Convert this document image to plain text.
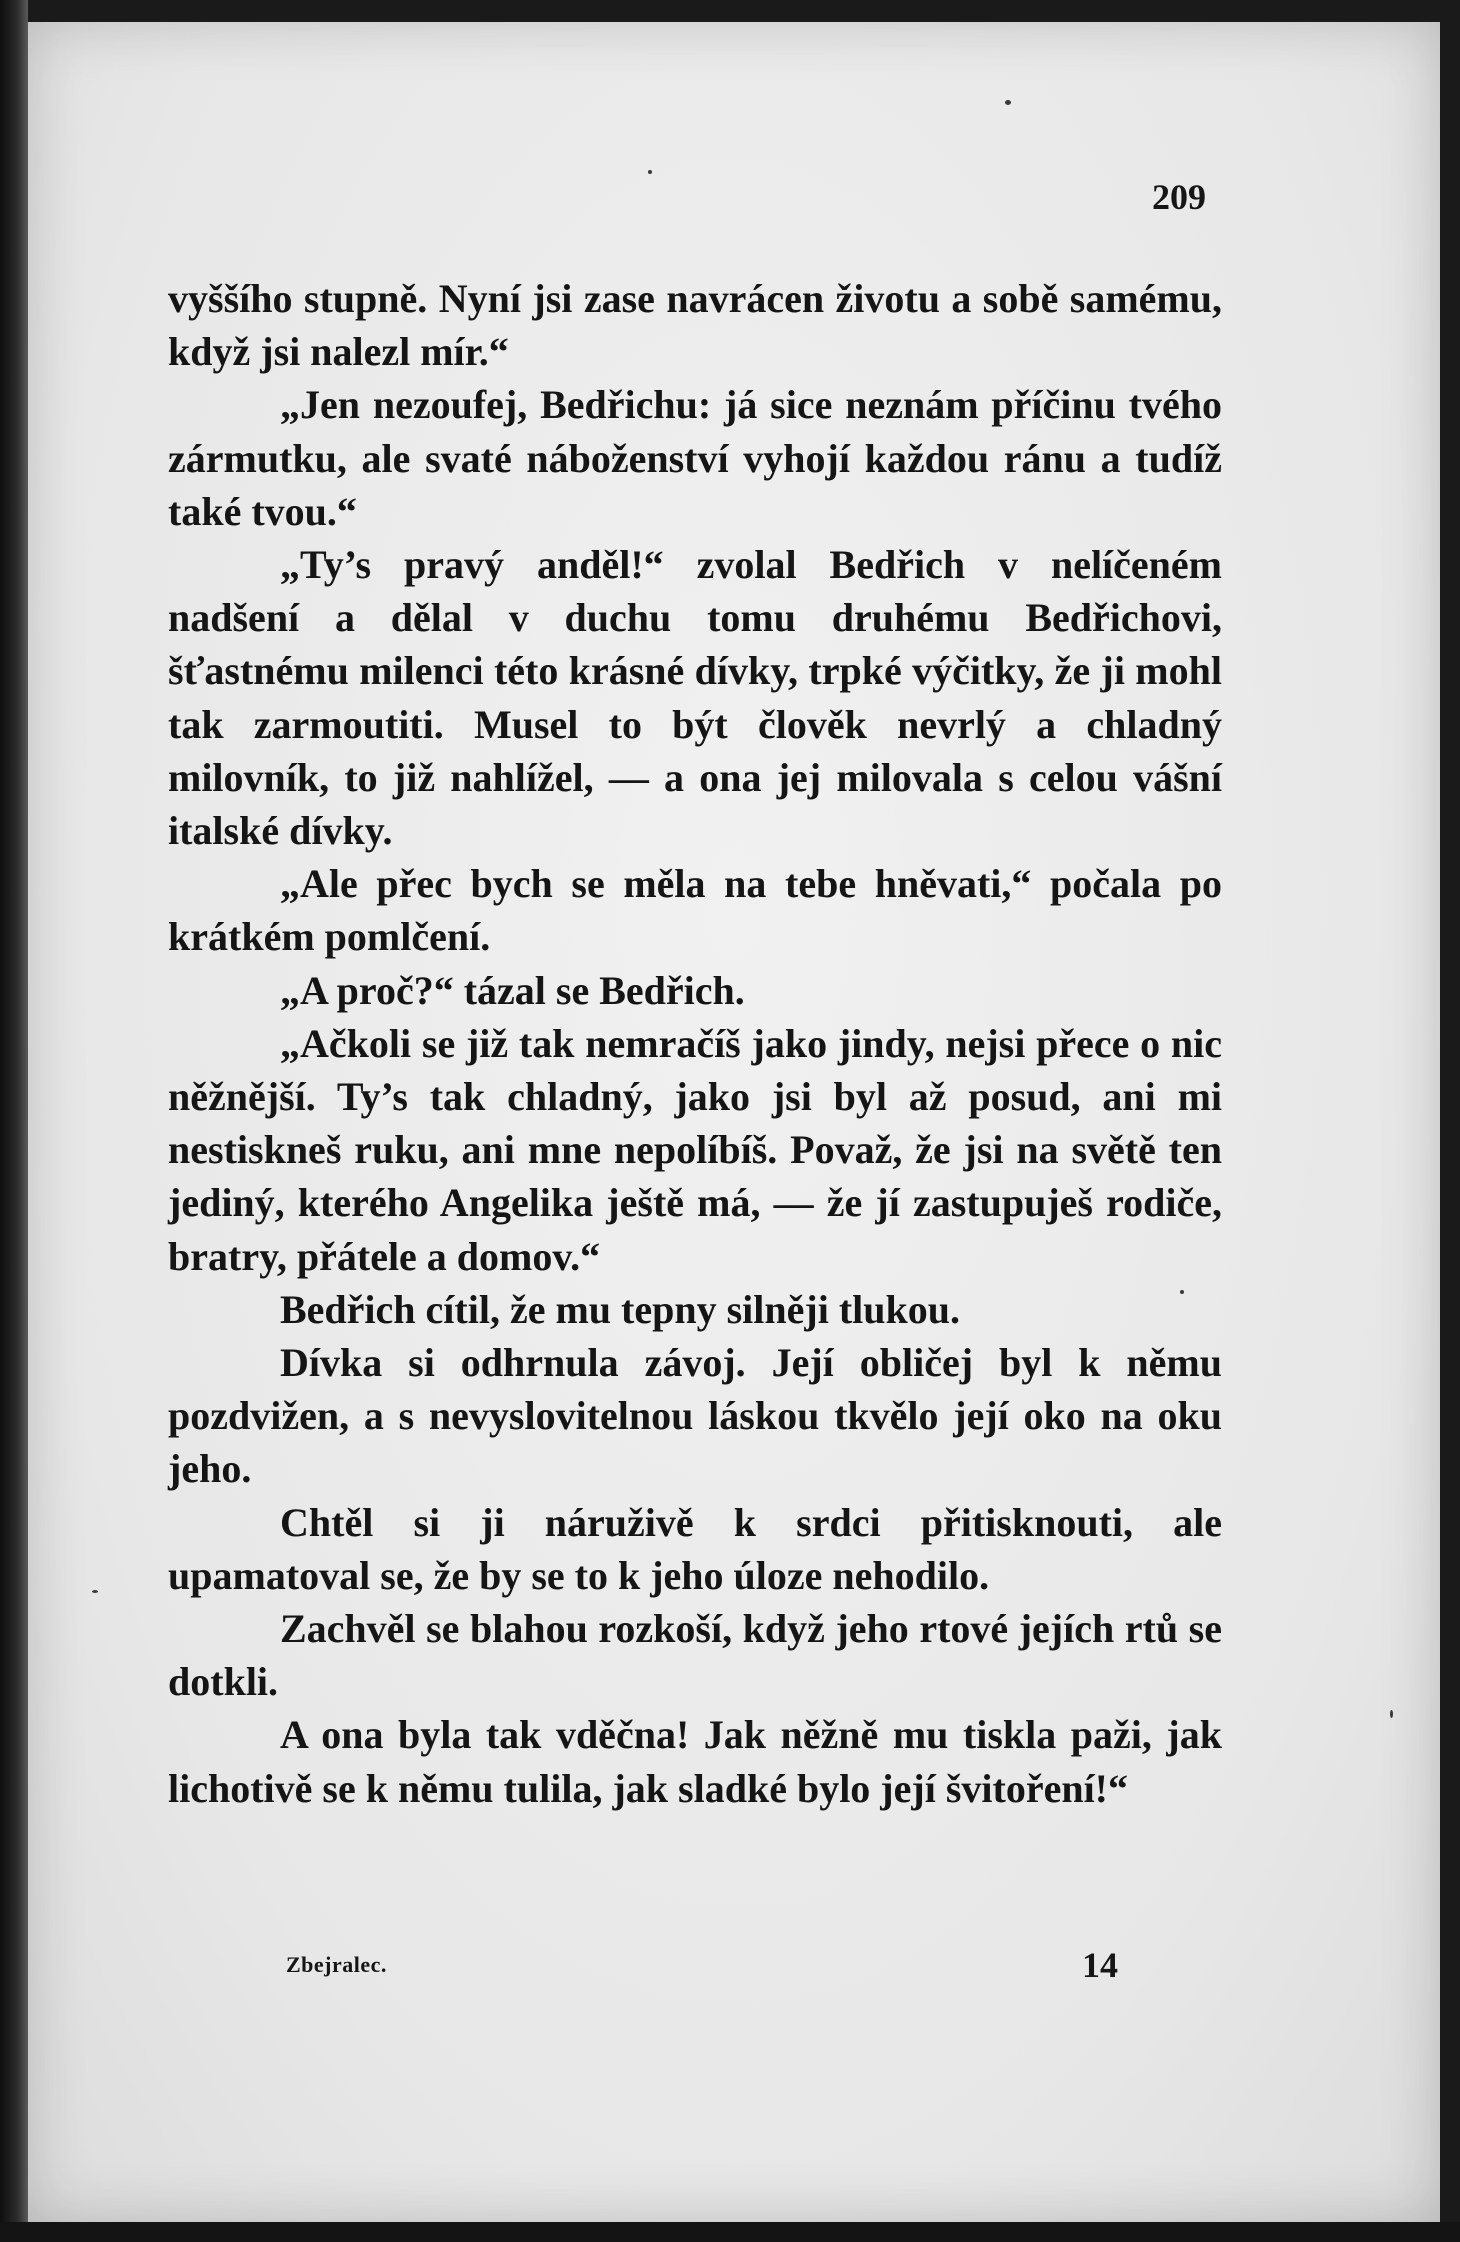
209

vyššího stupně. Nyní jsi zase navrácen životu a sobě samému, když jsi nalezl mír.“

„Jen nezoufej, Bedřichu: já sice neznám příčinu tvého zármutku, ale svaté náboženství vyhojí každou ránu a tudíž také tvou.“

„Ty’s pravý anděl!“ zvolal Bedřich v nelíčeném nadšení a dělal v duchu tomu druhému Bedřichovi, šťastnému milenci této krásné dívky, trpké výčitky, že ji mohl tak zarmoutiti. Musel to být člověk nevrlý a chladný milovník, to již nahlížel, — a ona jej milovala s celou vášní italské dívky.

„Ale přec bych se měla na tebe hněvati,“ počala po krátkém pomlčení.

„A proč?“ tázal se Bedřich.

„Ačkoli se již tak nemračíš jako jindy, nejsi přece o nic něžnější. Ty’s tak chladný, jako jsi byl až posud, ani mi nestiskneš ruku, ani mne nepolíbíš. Považ, že jsi na světě ten jediný, kterého Angelika ještě má, — že jí zastupuješ rodiče, bratry, přátele a domov.“

Bedřich cítil, že mu tepny silněji tlukou.

Dívka si odhrnula závoj. Její obličej byl k němu pozdvižen, a s nevyslovitelnou láskou tkvělo její oko na oku jeho.

Chtěl si ji náruživě k srdci přitisknouti, ale upamatoval se, že by se to k jeho úloze nehodilo.

Zachvěl se blahou rozkoší, když jeho rtové jejích rtů se dotkli.

A ona byla tak vděčna! Jak něžně mu tiskla paži, jak lichotivě se k němu tulila, jak sladké bylo její švitoření!“

Zbejralec.	14
